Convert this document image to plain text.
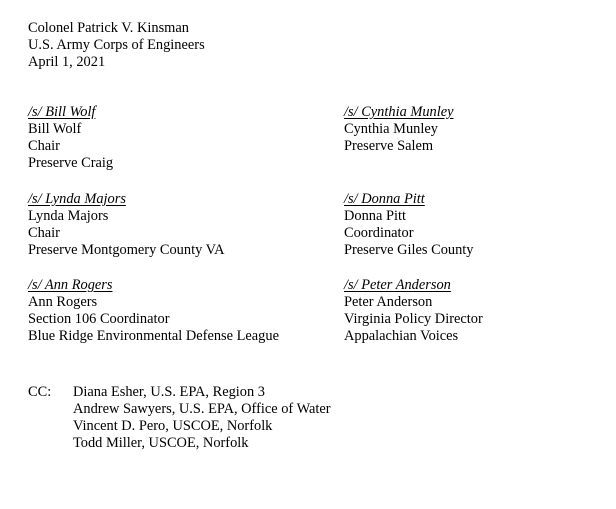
Colonel Patrick V. Kinsman
U.S. Army Corps of Engineers
April 1, 2021
/s/ Bill Wolf
Bill Wolf
Chair
Preserve Craig
/s/ Cynthia Munley
Cynthia Munley
Preserve Salem
/s/ Lynda Majors
Lynda Majors
Chair
Preserve Montgomery County VA
/s/ Donna Pitt
Donna Pitt
Coordinator
Preserve Giles County
/s/ Ann Rogers
Ann Rogers
Section 106 Coordinator
Blue Ridge Environmental Defense League
/s/ Peter Anderson
Peter Anderson
Virginia Policy Director
Appalachian Voices
CC: Diana Esher, U.S. EPA, Region 3
Andrew Sawyers, U.S. EPA, Office of Water
Vincent D. Pero, USCOE, Norfolk
Todd Miller, USCOE, Norfolk
